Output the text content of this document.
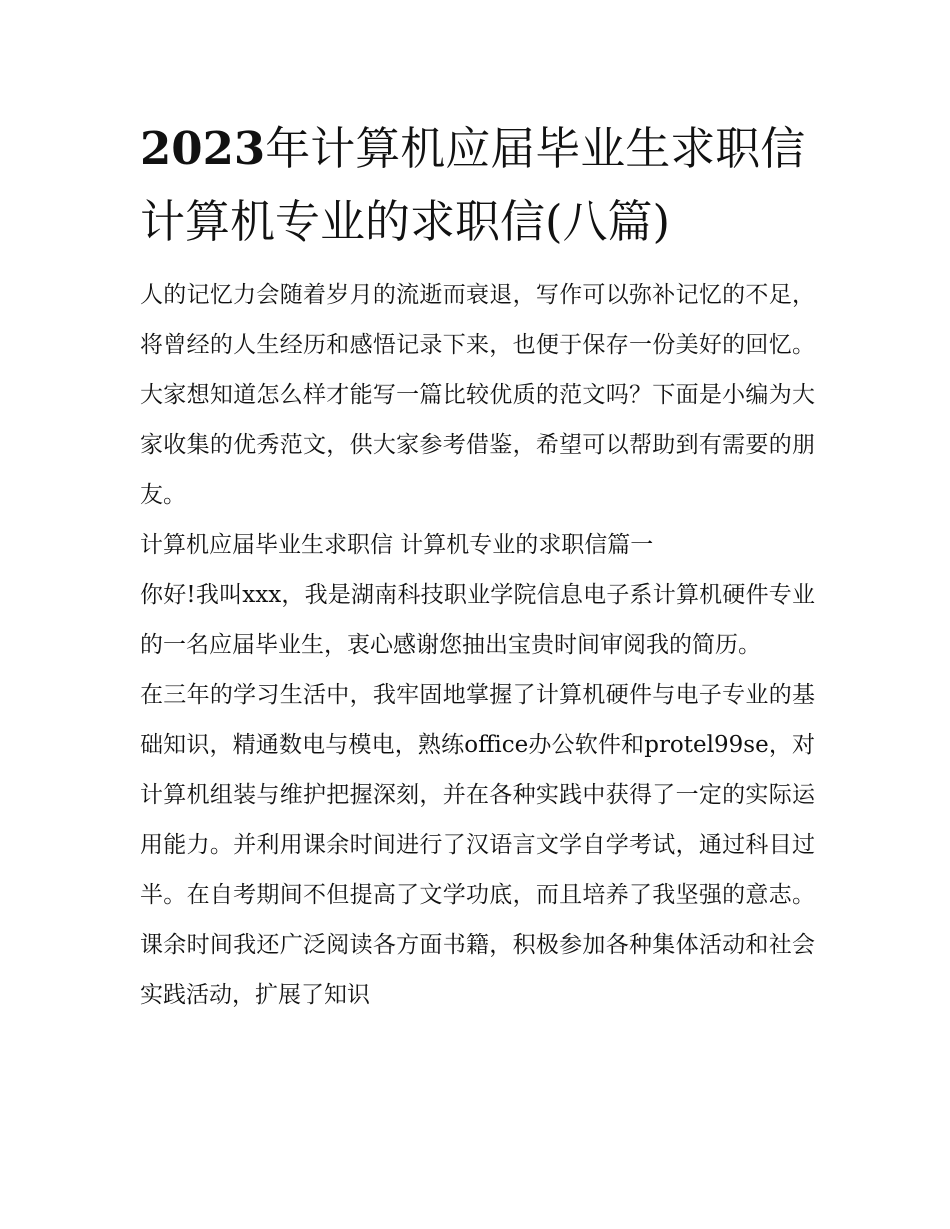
2023年计算机应届毕业生求职信 计算机专业的求职信(八篇)

人的记忆力会随着岁月的流逝而衰退，写作可以弥补记忆的不足，将曾经的人生经历和感悟记录下来，也便于保存一份美好的回忆。大家想知道怎么样才能写一篇比较优质的范文吗？下面是小编为大家收集的优秀范文，供大家参考借鉴，希望可以帮助到有需要的朋友。

计算机应届毕业生求职信 计算机专业的求职信篇一

你好!我叫xxx，我是湖南科技职业学院信息电子系计算机硬件专业的一名应届毕业生，衷心感谢您抽出宝贵时间审阅我的简历。

在三年的学习生活中，我牢固地掌握了计算机硬件与电子专业的基础知识，精通数电与模电，熟练office办公软件和protel99se，对计算机组装与维护把握深刻，并在各种实践中获得了一定的实际运用能力。并利用课余时间进行了汉语言文学自学考试，通过科目过半。在自考期间不但提高了文学功底，而且培养了我坚强的意志。课余时间我还广泛阅读各方面书籍，积极参加各种集体活动和社会实践活动，扩展了知识
